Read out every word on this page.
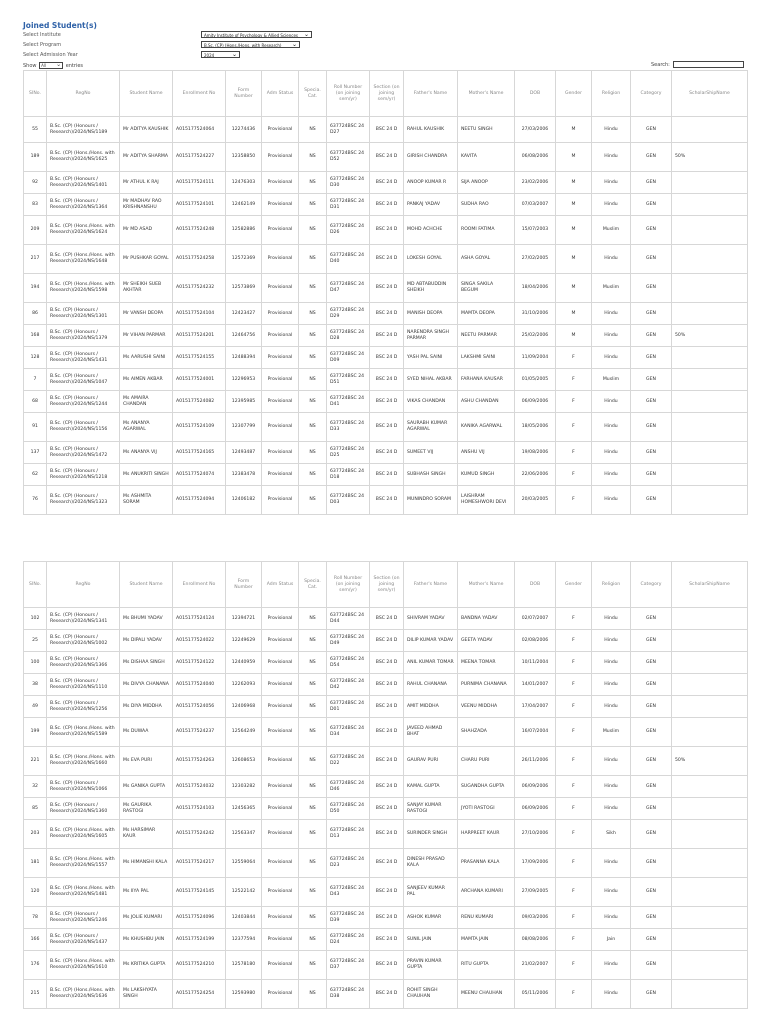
Joined Student(s)
Select Institute	Amity Institute of Psychology & Allied Sciences ⌄
Select Program	B.Sc. (CP) (Hons./Hons. with Research) ⌄
Select Admission Year	2024	⌄
Show All ⌄ entries	Search:
SINo.	RegNo	Student Name	Enrollment No	Form Number	Adm Status	Specia. Cat.	Roll Number (on joining sem/yr)	Section (on joining sem/yr)	Father's Name	Mother's Name	DOB	Gender	Religion	Category	ScholarShipName
55	B.Sc. (CP) (Honours / Research)/2024/NS/1189	Mr ADITYA KAUSHIK	A015177524064	12274436	Provisional	NS	637724BSC 24 D27	BSC 24 D	RAHUL KAUSHIK	NEETU SINGH	27/03/2006	M	Hindu	GEN	
189	B.Sc. (CP) (Hons./Hons. with Research)/2024/NS/1625	Mr ADITYA SHARMA	A015177524227	12358850	Provisional	NS	637724BSC 24 D52	BSC 24 D	GIRISH CHANDRA	KAVITA	06/08/2006	M	Hindu	GEN	50%
92	B.Sc. (CP) (Honours / Research)/2024/NS/1401	Mr ATHUL K RAJ	A015177524111	12476303	Provisional	NS	637724BSC 24 D30	BSC 24 D	ANOOP KUMAR R	SIJA ANOOP	23/02/2006	M	Hindu	GEN	
83	B.Sc. (CP) (Honours / Research)/2024/NS/1364	Mr MADHAV RAO KRISHNANSHU	A015177524101	12462149	Provisional	NS	637724BSC 24 D31	BSC 24 D	PANKAJ YADAV	SUDHA RAO	07/03/2007	M	Hindu	GEN	
209	B.Sc. (CP) (Hons./Hons. with Research)/2024/NS/1624	Mr MD ASAD	A015177524248	12582886	Provisional	NS	637724BSC 24 D26	BSC 24 D	MOHD ACHCHE	ROOMI FATIMA	15/07/2003	M	Muslim	GEN	
217	B.Sc. (CP) (Hons./Hons. with Research)/2024/NS/1648	Mr PUSHKAR GOYAL	A015177524258	12572369	Provisional	NS	637724BSC 24 D40	BSC 24 D	LOKESH GOYAL	ASHA GOYAL	27/02/2005	M	Hindu	GEN	
194	B.Sc. (CP) (Hons./Hons. with Research)/2024/NS/1598	Mr SHEIKH SUEB AKHTAR	A015177524232	12573869	Provisional	NS	637724BSC 24 D47	BSC 24 D	MD ABTABUDDIN SHEIKH	SINGA SAKILA BEGUM	18/04/2006	M	Muslim	GEN	
86	B.Sc. (CP) (Honours / Research)/2024/NS/1301	Mr VANSH DEOPA	A015177524104	12423427	Provisional	NS	637724BSC 24 D29	BSC 24 D	MANISH DEOPA	MAMTA DEOPA	31/10/2006	M	Hindu	GEN	
168	B.Sc. (CP) (Honours / Research)/2024/NS/1379	Mr VIHAN PARMAR	A015177524201	12464756	Provisional	NS	637724BSC 24 D28	BSC 24 D	NARENDRA SINGH PARMAR	NEETU PARMAR	25/02/2006	M	Hindu	GEN	50%
128	B.Sc. (CP) (Honours / Research)/2024/NS/1431	Ms AARUSHI SAINI	A015177524155	12488394	Provisional	NS	637724BSC 24 D09	BSC 24 D	YASH PAL SAINI	LAKSHMI SAINI	11/09/2004	F	Hindu	GEN	
7	B.Sc. (CP) (Honours / Research)/2024/NS/1047	Ms AIMEN AKBAR	A015177524001	12296953	Provisional	NS	637724BSC 24 D51	BSC 24 D	SYED NIHAL AKBAR	FARHANA KAUSAR	01/05/2005	F	Muslim	GEN	
68	B.Sc. (CP) (Honours / Research)/2024/NS/1244	Ms AMAIRA CHANDAN	A015177524082	12395985	Provisional	NS	637724BSC 24 D41	BSC 24 D	VIKAS CHANDAN	ASHU CHANDAN	06/09/2006	F	Hindu	GEN	
91	B.Sc. (CP) (Honours / Research)/2024/NS/1156	Ms ANANYA AGARWAL	A015177524109	12307799	Provisional	NS	637724BSC 24 D33	BSC 24 D	SAURABH KUMAR AGARWAL	KANIKA AGARWAL	18/05/2006	F	Hindu	GEN	
137	B.Sc. (CP) (Honours / Research)/2024/NS/1472	Ms ANANYA VIJ	A015177524165	12493487	Provisional	NS	637724BSC 24 D25	BSC 24 D	SUMEET VIJ	ANSHU VIJ	19/08/2006	F	Hindu	GEN	
62	B.Sc. (CP) (Honours / Research)/2024/NS/1218	Ms ANUKRITI SINGH	A015177524074	12383478	Provisional	NS	637724BSC 24 D18	BSC 24 D	SUBHASH SINGH	KUMUD SINGH	22/06/2006	F	Hindu	GEN	
76	B.Sc. (CP) (Honours / Research)/2024/NS/1323	Ms ASHMITA SORAM	A015177524094	12406182	Provisional	NS	637724BSC 24 D03	BSC 24 D	MUNINDRO SORAM	LAISHRAM HOMESHWORI DEVI	20/03/2005	F	Hindu	GEN	
SINo.	RegNo	Student Name	Enrollment No	Form Number	Adm Status	Specia. Cat.	Roll Number (on joining sem/yr)	Section (on joining sem/yr)	Father's Name	Mother's Name	DOB	Gender	Religion	Category	ScholarShipName
102	B.Sc. (CP) (Honours / Research)/2024/NS/1341	Ms BHUMI YADAV	A015177524124	12394721	Provisional	NS	637724BSC 24 D44	BSC 24 D	SHIVRAM YADAV	BANDNA YADAV	02/07/2007	F	Hindu	GEN	
25	B.Sc. (CP) (Honours / Research)/2024/NS/1002	Ms DIPALI YADAV	A015177524022	12249629	Provisional	NS	637724BSC 24 D49	BSC 24 D	DILIP KUMAR YADAV	GEETA YADAV	02/08/2006	F	Hindu	GEN	
100	B.Sc. (CP) (Honours / Research)/2024/NS/1366	Ms DISHAA SINGH	A015177524122	12440959	Provisional	NS	637724BSC 24 D54	BSC 24 D	ANIL KUMAR TOMAR	MEENA TOMAR	10/11/2004	F	Hindu	GEN	
38	B.Sc. (CP) (Honours / Research)/2024/NS/1110	Ms DIVYA CHANANA	A015177524040	12262093	Provisional	NS	637724BSC 24 D42	BSC 24 D	RAHUL CHANANA	PURNIMA CHANANA	14/01/2007	F	Hindu	GEN	
49	B.Sc. (CP) (Honours / Research)/2024/NS/1256	Ms DIYA MIDDHA	A015177524056	12406968	Provisional	NS	637724BSC 24 D01	BSC 24 D	AMIT MIDDHA	VEENU MIDDHA	17/04/2007	F	Hindu	GEN	
199	B.Sc. (CP) (Hons./Hons. with Research)/2024/NS/1589	Ms DUWAA	A015177524237	12564249	Provisional	NS	637724BSC 24 D34	BSC 24 D	JAVEED AHMAD BHAT	SHAHZADA	16/07/2004	F	Muslim	GEN	
221	B.Sc. (CP) (Hons./Hons. with Research)/2024/NS/1660	Ms EVA PURI	A015177524263	12608653	Provisional	NS	637724BSC 24 D22	BSC 24 D	GAURAV PURI	CHARU PURI	26/11/2006	F	Hindu	GEN	50%
32	B.Sc. (CP) (Honours / Research)/2024/NS/1066	Ms GANIKA GUPTA	A015177524032	12303282	Provisional	NS	637724BSC 24 D46	BSC 24 D	KAMAL GUPTA	SUGANDHA GUPTA	06/09/2006	F	Hindu	GEN	
85	B.Sc. (CP) (Honours / Research)/2024/NS/1360	Ms GAURIKA RASTOGI	A015177524103	12456365	Provisional	NS	637724BSC 24 D50	BSC 24 D	SANJAY KUMAR RASTOGI	JYOTI RASTOGI	06/09/2006	F	Hindu	GEN	
203	B.Sc. (CP) (Hons./Hons. with Research)/2024/NS/1605	Ms HARSIMAR KAUR	A015177524242	12563347	Provisional	NS	637724BSC 24 D13	BSC 24 D	SURINDER SINGH	HARPREET KAUR	27/10/2006	F	Sikh	GEN	
181	B.Sc. (CP) (Hons./Hons. with Research)/2024/NS/1557	Ms HIMANSHI KALA	A015177524217	12559064	Provisional	NS	637724BSC 24 D23	BSC 24 D	DINESH PRASAD KALA	PRASANNA KALA	17/09/2006	F	Hindu	GEN	
120	B.Sc. (CP) (Hons./Hons. with Research)/2024/NS/1481	Ms IIYA PAL	A015177524145	12522142	Provisional	NS	637724BSC 24 D43	BSC 24 D	SANJEEV KUMAR PAL	ARCHANA KUMARI	27/09/2005	F	Hindu	GEN	
78	B.Sc. (CP) (Honours / Research)/2024/NS/1246	Ms JOLIE KUMARI	A015177524096	12403844	Provisional	NS	637724BSC 24 D39	BSC 24 D	ASHOK KUMAR	RENU KUMARI	09/03/2006	F	Hindu	GEN	
166	B.Sc. (CP) (Honours / Research)/2024/NS/1437	Ms KHUSHBU JAIN	A015177524199	12377594	Provisional	NS	637724BSC 24 D24	BSC 24 D	SUNIL JAIN	MAMTA JAIN	08/08/2006	F	Jain	GEN	
176	B.Sc. (CP) (Hons./Hons. with Research)/2024/NS/1610	Ms KRITIKA GUPTA	A015177524210	12578180	Provisional	NS	637724BSC 24 D37	BSC 24 D	PRAVIN KUMAR GUPTA	RITU GUPTA	21/02/2007	F	Hindu	GEN	
215	B.Sc. (CP) (Hons./Hons. with Research)/2024/NS/1636	Ms LAKSHYATA SINGH	A015177524254	12593980	Provisional	NS	637724BSC 24 D38	BSC 24 D	ROHIT SINGH CHAUHAN	MEENU CHAUHAN	05/11/2006	F	Hindu	GEN	
